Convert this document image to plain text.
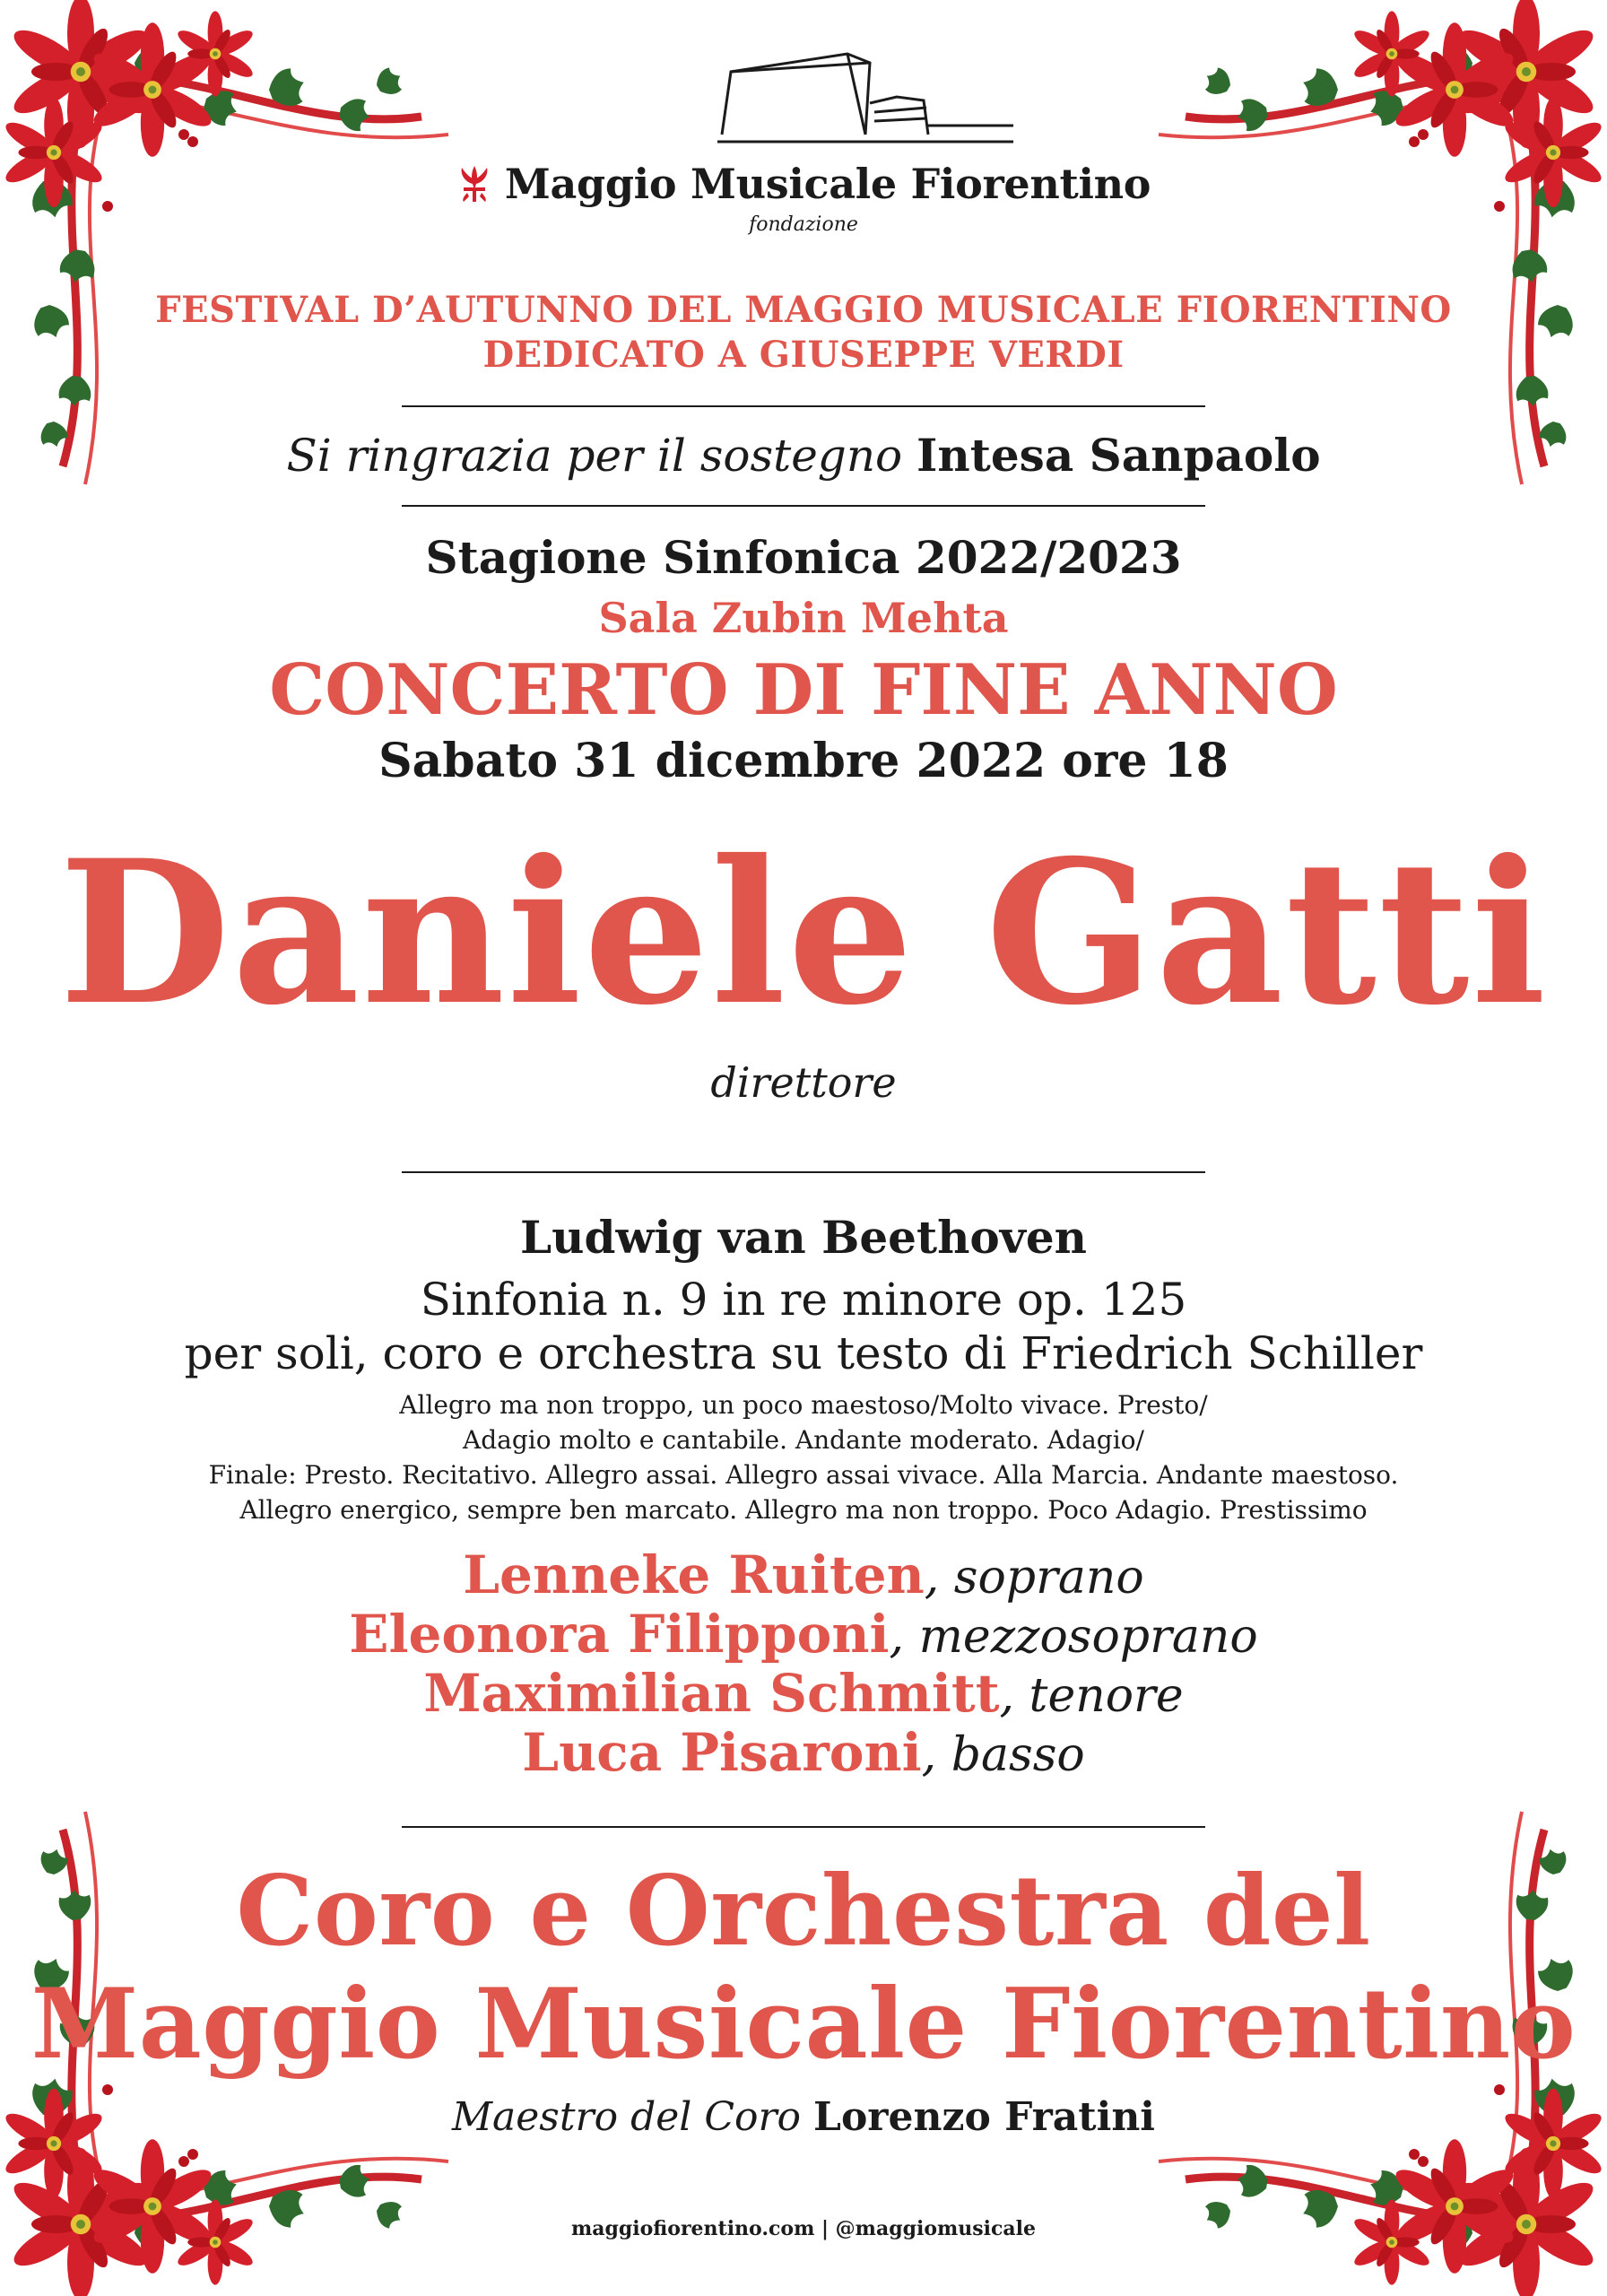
Maggio Musicale Fiorentino

fondazione

FESTIVAL D’AUTUNNO DEL MAGGIO MUSICALE FIORENTINO

DEDICATO A GIUSEPPE VERDI

Si ringrazia per il sostegno Intesa Sanpaolo

Stagione Sinfonica 2022/2023

Sala Zubin Mehta

CONCERTO DI FINE ANNO

Sabato 31 dicembre 2022 ore 18

Daniele Gatti

direttore

Ludwig van Beethoven

Sinfonia n. 9 in re minore op. 125

per soli, coro e orchestra su testo di Friedrich Schiller

Allegro ma non troppo, un poco maestoso/Molto vivace. Presto/

Adagio molto e cantabile. Andante moderato. Adagio/

Finale: Presto. Recitativo. Allegro assai. Allegro assai vivace. Alla Marcia. Andante maestoso.

Allegro energico, sempre ben marcato. Allegro ma non troppo. Poco Adagio. Prestissimo

Lenneke Ruiten, soprano

Eleonora Filipponi, mezzosoprano

Maximilian Schmitt, tenore

Luca Pisaroni, basso

Coro e Orchestra del

Maggio Musicale Fiorentino

Maestro del Coro Lorenzo Fratini

maggiofiorentino.com | @maggiomusicale
